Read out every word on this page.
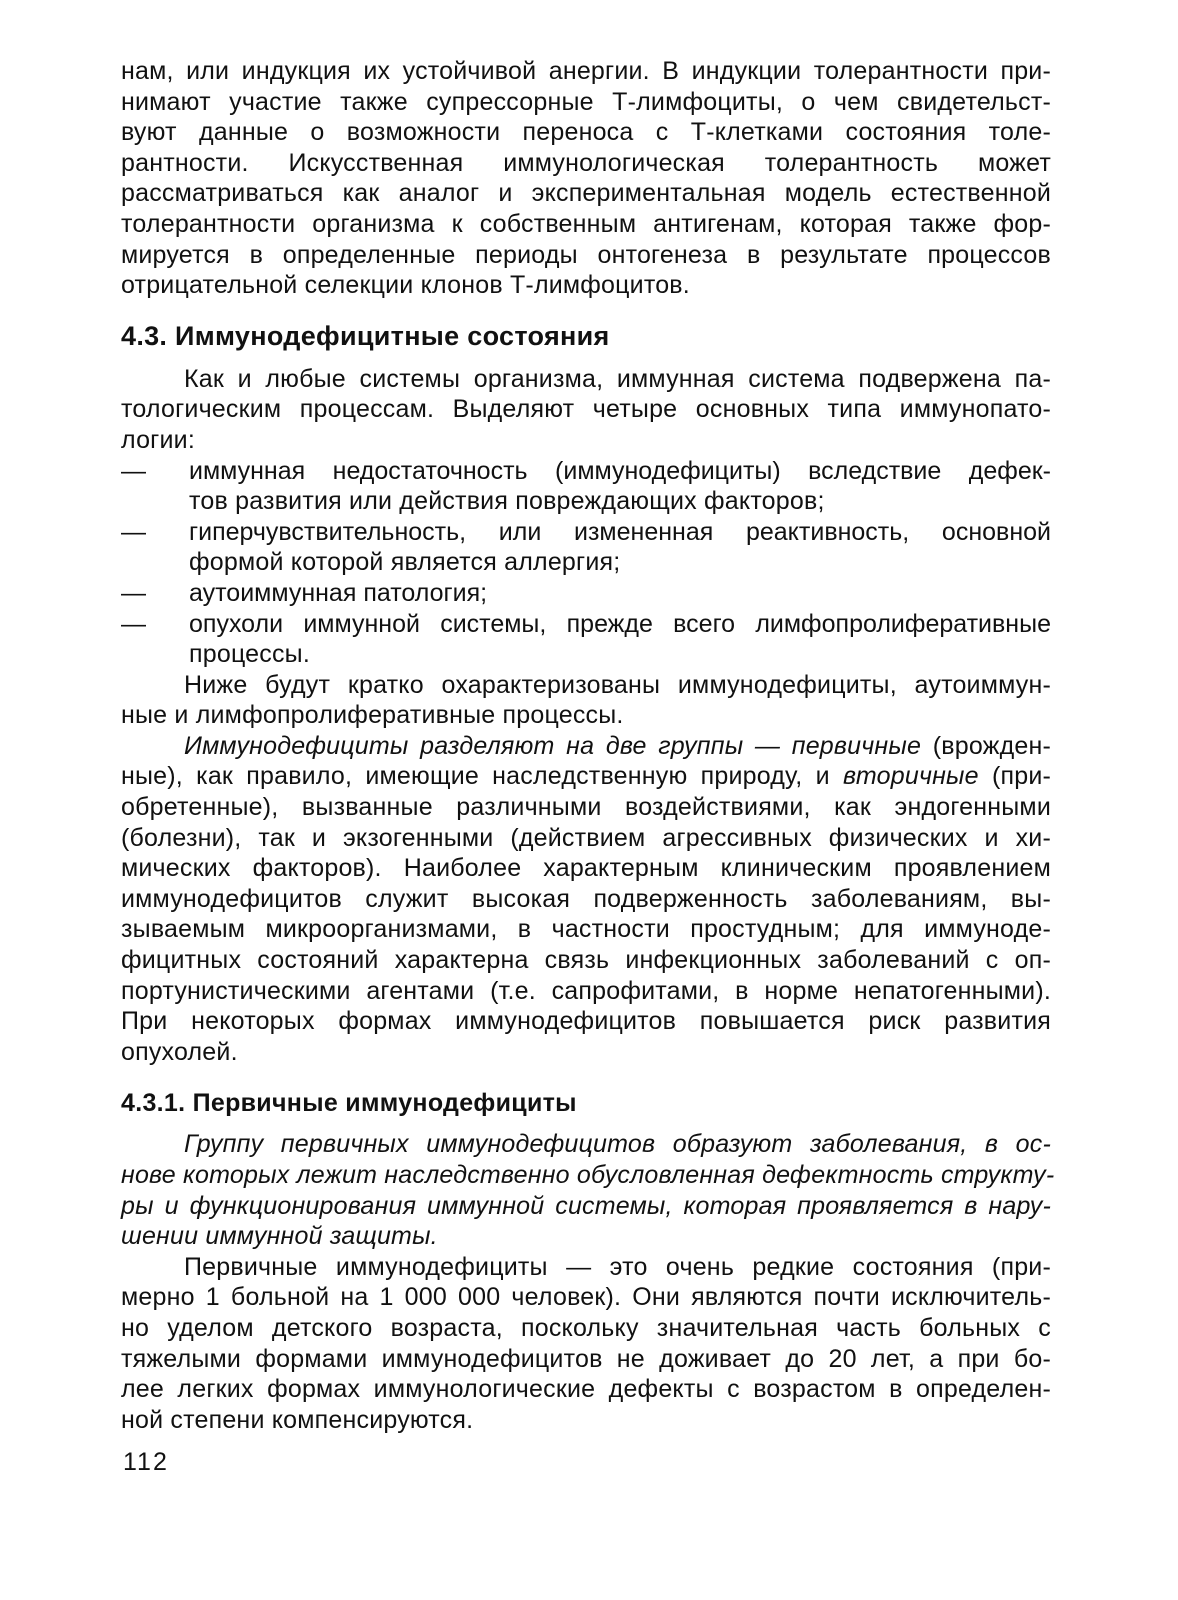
нам, или индукция их устойчивой анергии. В индукции толерантности при-
нимают участие также супрессорные Т-лимфоциты, о чем свидетельст-
вуют данные о возможности переноса с Т-клетками состояния толе-
рантности. Искусственная иммунологическая толерантность может
рассматриваться как аналог и экспериментальная модель естественной
толерантности организма к собственным антигенам, которая также фор-
мируется в определенные периоды онтогенеза в результате процессов
отрицательной селекции клонов Т-лимфоцитов.
4.3. Иммунодефицитные состояния
Как и любые системы организма, иммунная система подвержена па-
тологическим процессам. Выделяют четыре основных типа иммунопато-
логии:
—	иммунная недостаточность (иммунодефициты) вследствие дефек-
тов развития или действия повреждающих факторов;
—	гиперчувствительность, или измененная реактивность, основной
формой которой является аллергия;
—	аутоиммунная патология;
—	опухоли иммунной системы, прежде всего лимфопролиферативные
процессы.
Ниже будут кратко охарактеризованы иммунодефициты, аутоиммун-
ные и лимфопролиферативные процессы.
Иммунодефициты разделяют на две группы — первичные (врожден-
ные), как правило, имеющие наследственную природу, и вторичные (при-
обретенные), вызванные различными воздействиями, как эндогенными
(болезни), так и экзогенными (действием агрессивных физических и хи-
мических факторов). Наиболее характерным клиническим проявлением
иммунодефицитов служит высокая подверженность заболеваниям, вы-
зываемым микроорганизмами, в частности простудным; для иммуноде-
фицитных состояний характерна связь инфекционных заболеваний с оп-
портунистическими агентами (т.е. сапрофитами, в норме непатогенными).
При некоторых формах иммунодефицитов повышается риск развития
опухолей.
4.3.1. Первичные иммунодефициты
Группу первичных иммунодефицитов образуют заболевания, в ос-
нове которых лежит наследственно обусловленная дефектность структу-
ры и функционирования иммунной системы, которая проявляется в нару-
шении иммунной защиты.
Первичные иммунодефициты — это очень редкие состояния (при-
мерно 1 больной на 1 000 000 человек). Они являются почти исключитель-
но уделом детского возраста, поскольку значительная часть больных с
тяжелыми формами иммунодефицитов не доживает до 20 лет, а при бо-
лее легких формах иммунологические дефекты с возрастом в определен-
ной степени компенсируются.
112
